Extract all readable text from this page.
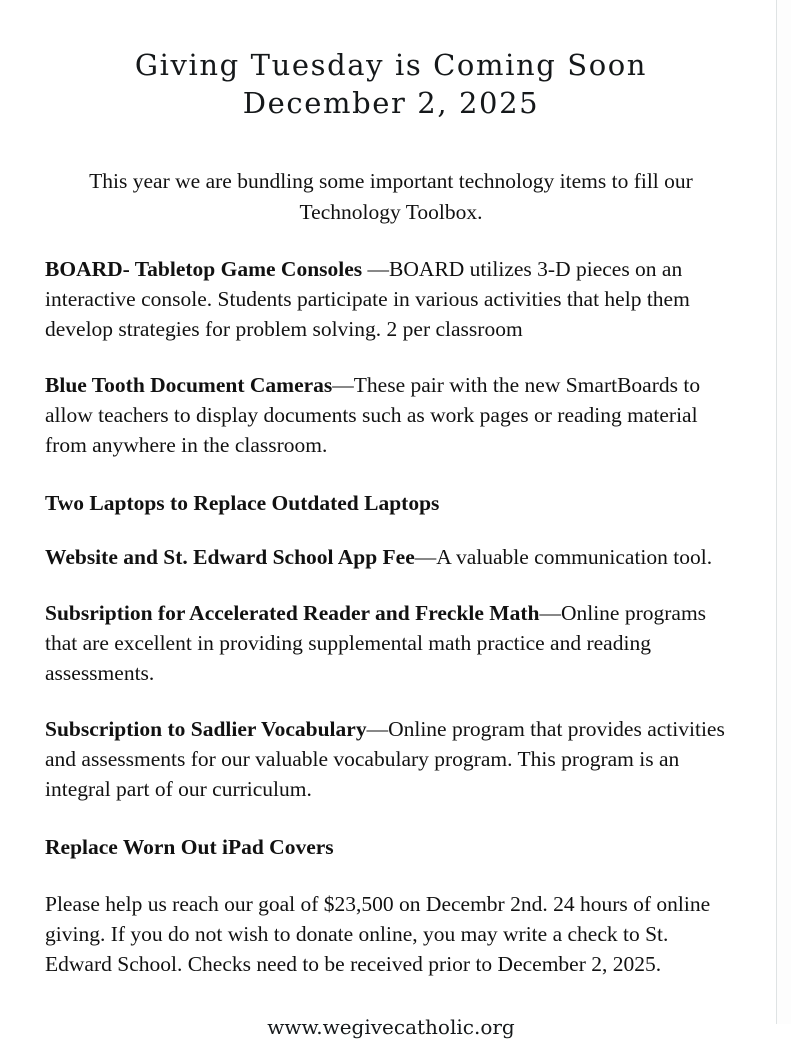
Giving Tuesday is Coming Soon
December 2, 2025

This year we are bundling some important technology items to fill our Technology Toolbox.

BOARD- Tabletop Game Consoles —BOARD utilizes 3-D pieces on an interactive console. Students participate in various activities that help them develop strategies for problem solving. 2 per classroom

Blue Tooth Document Cameras—These pair with the new SmartBoards to allow teachers to display documents such as work pages or reading material from anywhere in the classroom.

Two Laptops to Replace Outdated Laptops

Website and St. Edward School App Fee—A valuable communication tool.

Subsription for Accelerated Reader and Freckle Math—Online programs that are excellent in providing supplemental math practice and reading assessments.

Subscription to Sadlier Vocabulary—Online program that provides activities and assessments for our valuable vocabulary program. This program is an integral part of our curriculum.

Replace Worn Out iPad Covers

Please help us reach our goal of $23,500 on Decembr 2nd. 24 hours of online giving. If you do not wish to donate online, you may write a check to St. Edward School. Checks need to be received prior to December 2, 2025.

www.wegivecatholic.org
